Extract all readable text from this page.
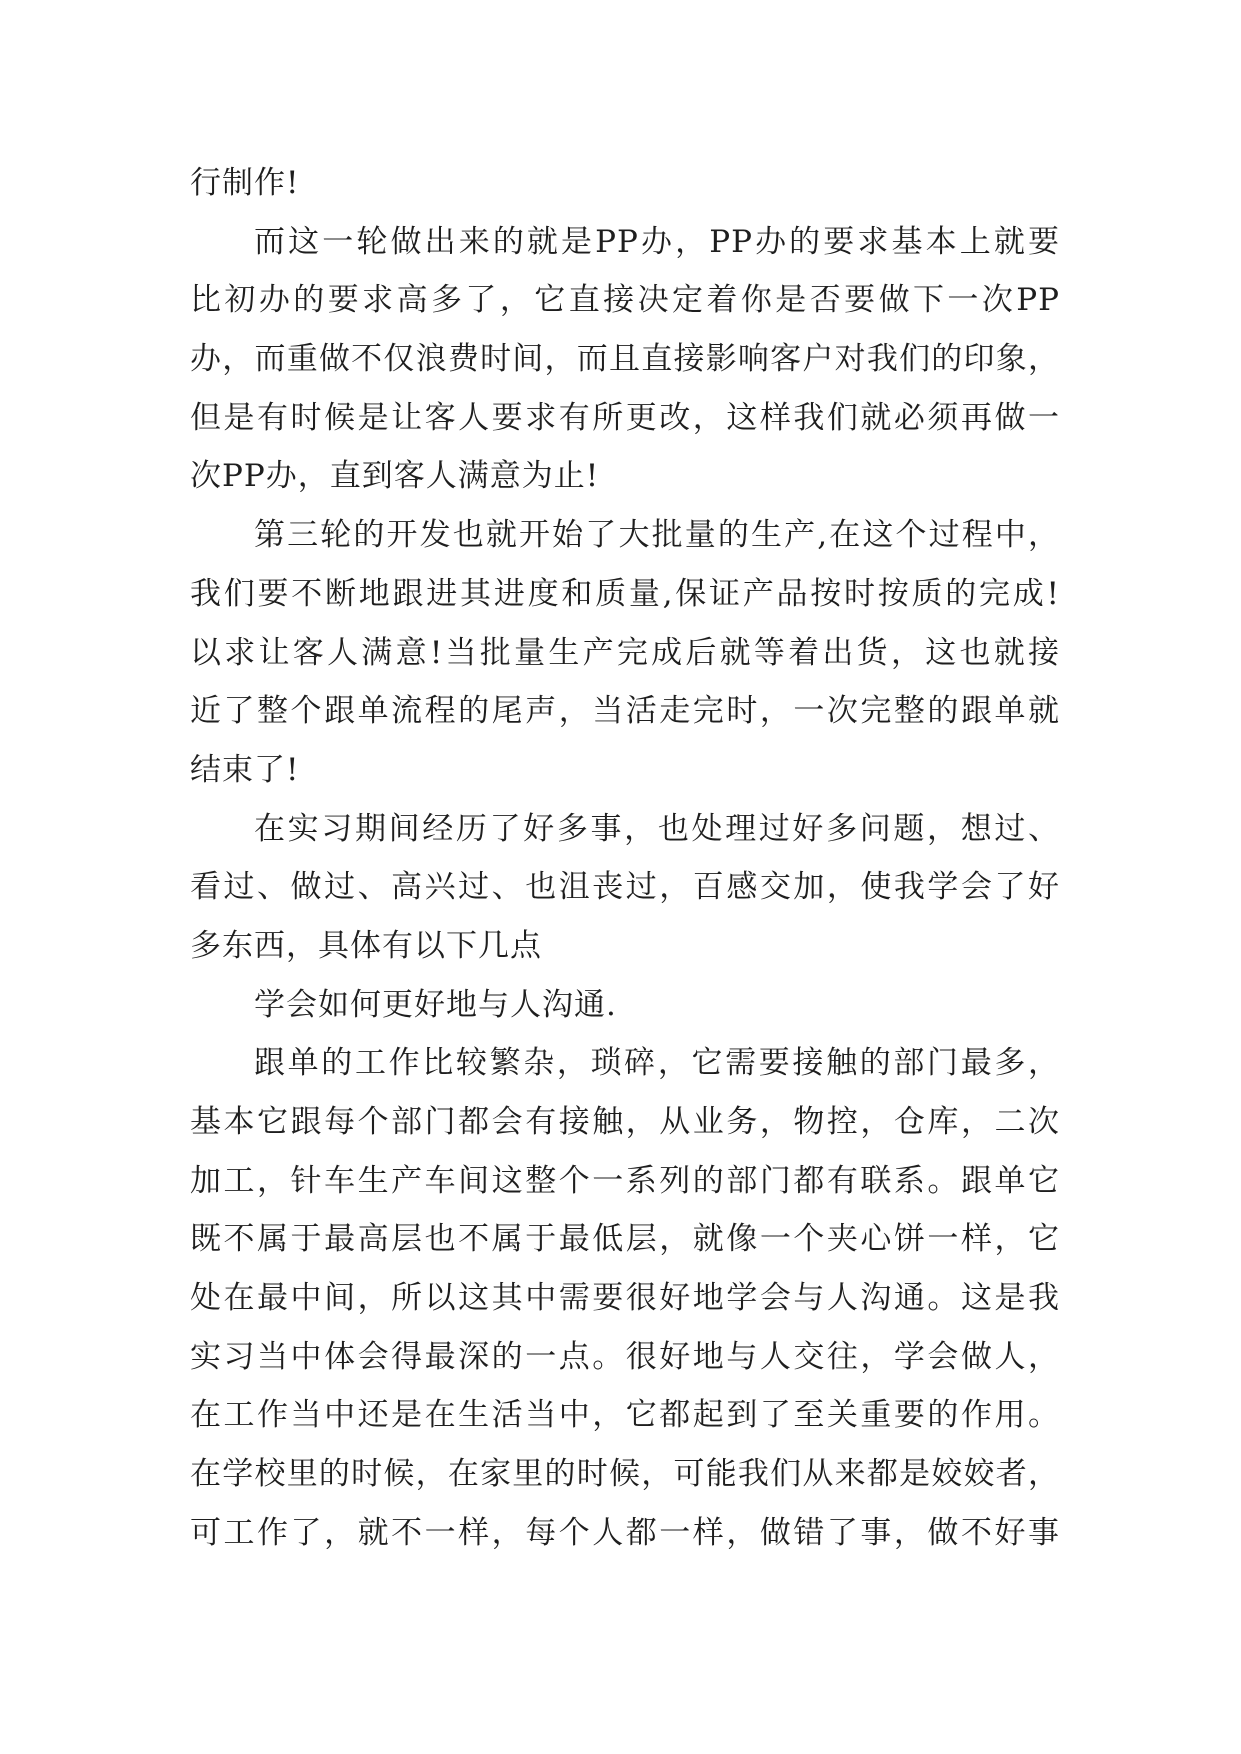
行制作!
而这一轮做出来的就是PP办，PP办的要求基本上就要
比初办的要求高多了，它直接决定着你是否要做下一次PP
办，而重做不仅浪费时间，而且直接影响客户对我们的印象，
但是有时候是让客人要求有所更改，这样我们就必须再做一
次PP办，直到客人满意为止!
第三轮的开发也就开始了大批量的生产,在这个过程中，
我们要不断地跟进其进度和质量,保证产品按时按质的完成!
以求让客人满意!当批量生产完成后就等着出货，这也就接
近了整个跟单流程的尾声，当活走完时，一次完整的跟单就
结束了!
在实习期间经历了好多事，也处理过好多问题，想过、
看过、做过、高兴过、也沮丧过，百感交加，使我学会了好
多东西，具体有以下几点
学会如何更好地与人沟通.
跟单的工作比较繁杂，琐碎，它需要接触的部门最多，
基本它跟每个部门都会有接触，从业务，物控，仓库，二次
加工，针车生产车间这整个一系列的部门都有联系。跟单它
既不属于最高层也不属于最低层，就像一个夹心饼一样，它
处在最中间，所以这其中需要很好地学会与人沟通。这是我
实习当中体会得最深的一点。很好地与人交往，学会做人，
在工作当中还是在生活当中，它都起到了至关重要的作用。
在学校里的时候，在家里的时候，可能我们从来都是姣姣者，
可工作了，就不一样，每个人都一样，做错了事，做不好事
